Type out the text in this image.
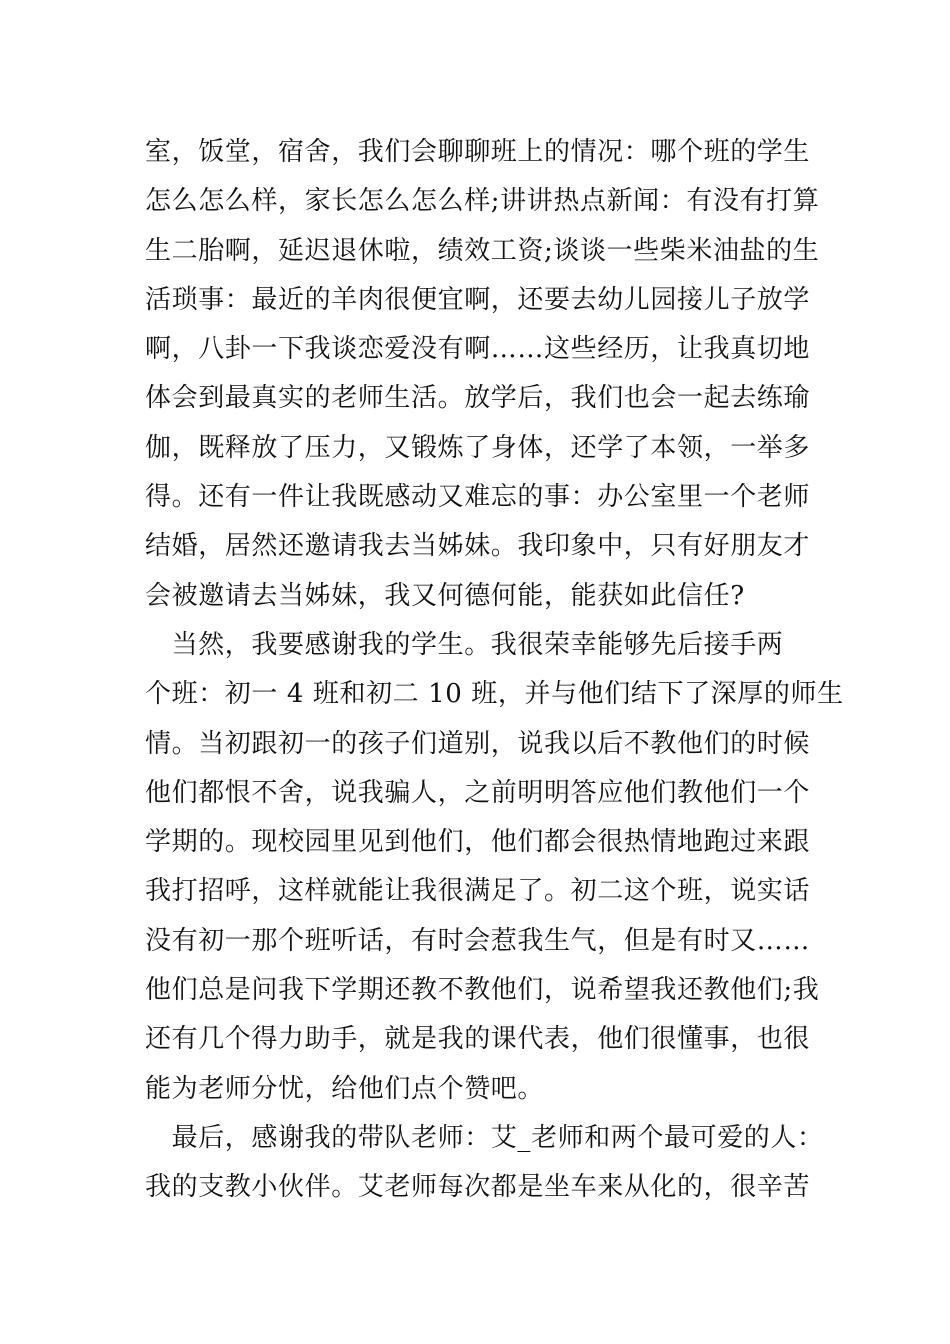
室，饭堂，宿舍，我们会聊聊班上的情况：哪个班的学生
怎么怎么样，家长怎么怎么样;讲讲热点新闻：有没有打算
生二胎啊，延迟退休啦，绩效工资;谈谈一些柴米油盐的生
活琐事：最近的羊肉很便宜啊，还要去幼儿园接儿子放学
啊，八卦一下我谈恋爱没有啊……这些经历，让我真切地
体会到最真实的老师生活。放学后，我们也会一起去练瑜
伽，既释放了压力，又锻炼了身体，还学了本领，一举多
得。还有一件让我既感动又难忘的事：办公室里一个老师
结婚，居然还邀请我去当姊妹。我印象中，只有好朋友才
会被邀请去当姊妹，我又何德何能，能获如此信任?
　当然，我要感谢我的学生。我很荣幸能够先后接手两
个班：初一 4 班和初二 10 班，并与他们结下了深厚的师生
情。当初跟初一的孩子们道别，说我以后不教他们的时候
他们都恨不舍，说我骗人，之前明明答应他们教他们一个
学期的。现校园里见到他们，他们都会很热情地跑过来跟
我打招呼，这样就能让我很满足了。初二这个班，说实话
没有初一那个班听话，有时会惹我生气，但是有时又……
他们总是问我下学期还教不教他们，说希望我还教他们;我
还有几个得力助手，就是我的课代表，他们很懂事，也很
能为老师分忧，给他们点个赞吧。
　最后，感谢我的带队老师：艾_老师和两个最可爱的人：
我的支教小伙伴。艾老师每次都是坐车来从化的，很辛苦
